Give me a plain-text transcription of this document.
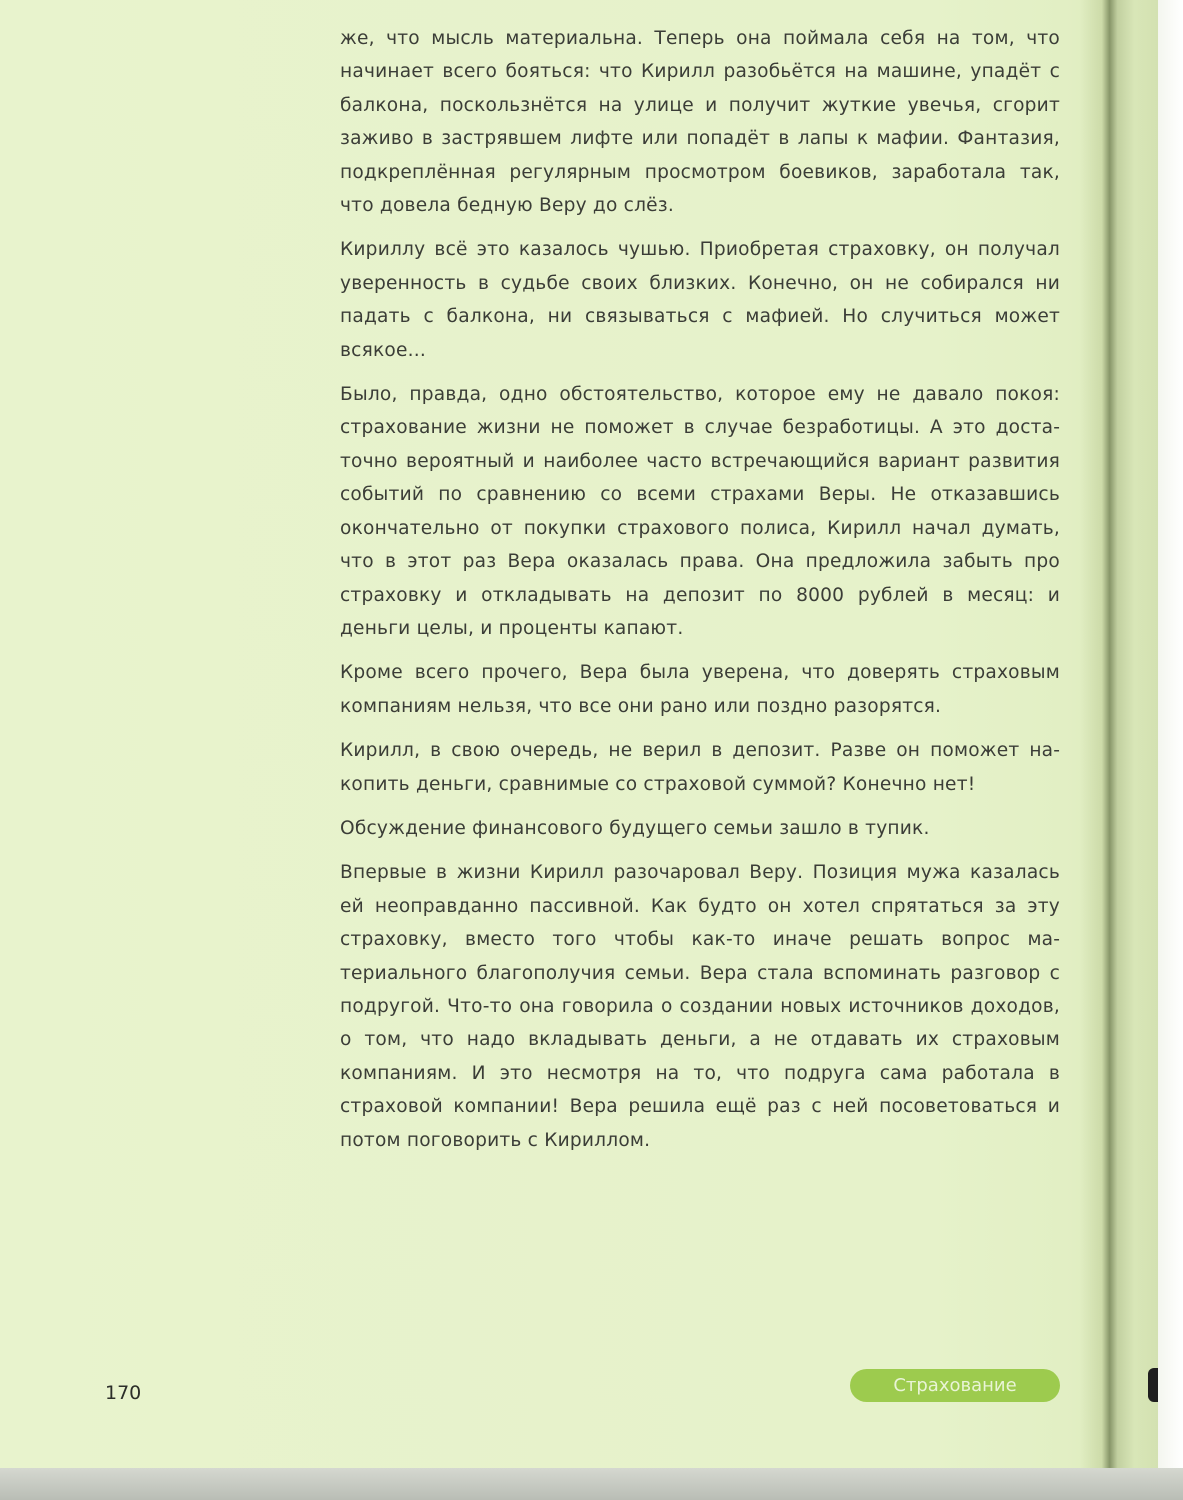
же, что мысль материальна. Теперь она поймала себя на том, что начинает всего бояться: что Кирилл разобьётся на машине, упадёт с балкона, поскользнётся на улице и получит жуткие увечья, сгорит заживо в застрявшем лифте или попадёт в лапы к мафии. Фантазия, подкреплённая регулярным просмотром боевиков, заработала так, что довела бедную Веру до слёз.

Кириллу всё это казалось чушью. Приобретая страховку, он получал уверенность в судьбе своих близких. Конечно, он не собирался ни падать с балкона, ни связываться с мафией. Но случиться может всякое...

Было, правда, одно обстоятельство, которое ему не давало покоя: страхование жизни не поможет в случае безработицы. А это достаточно вероятный и наиболее часто встречающийся вариант развития событий по сравнению со всеми страхами Веры. Не отказавшись окончательно от покупки страхового полиса, Кирилл начал думать, что в этот раз Вера оказалась права. Она предложила забыть про страховку и откладывать на депозит по 8000 рублей в месяц: и деньги целы, и проценты капают.

Кроме всего прочего, Вера была уверена, что доверять страховым компаниям нельзя, что все они рано или поздно разорятся.

Кирилл, в свою очередь, не верил в депозит. Разве он поможет накопить деньги, сравнимые со страховой суммой? Конечно нет!

Обсуждение финансового будущего семьи зашло в тупик.

Впервые в жизни Кирилл разочаровал Веру. Позиция мужа казалась ей неоправданно пассивной. Как будто он хотел спрятаться за эту страховку, вместо того чтобы как-то иначе решать вопрос материального благополучия семьи. Вера стала вспоминать разговор с подругой. Что-то она говорила о создании новых источников доходов, о том, что надо вкладывать деньги, а не отдавать их страховым компаниям. И это несмотря на то, что подруга сама работала в страховой компании! Вера решила ещё раз с ней посоветоваться и потом поговорить с Кириллом.

170	Страхование
